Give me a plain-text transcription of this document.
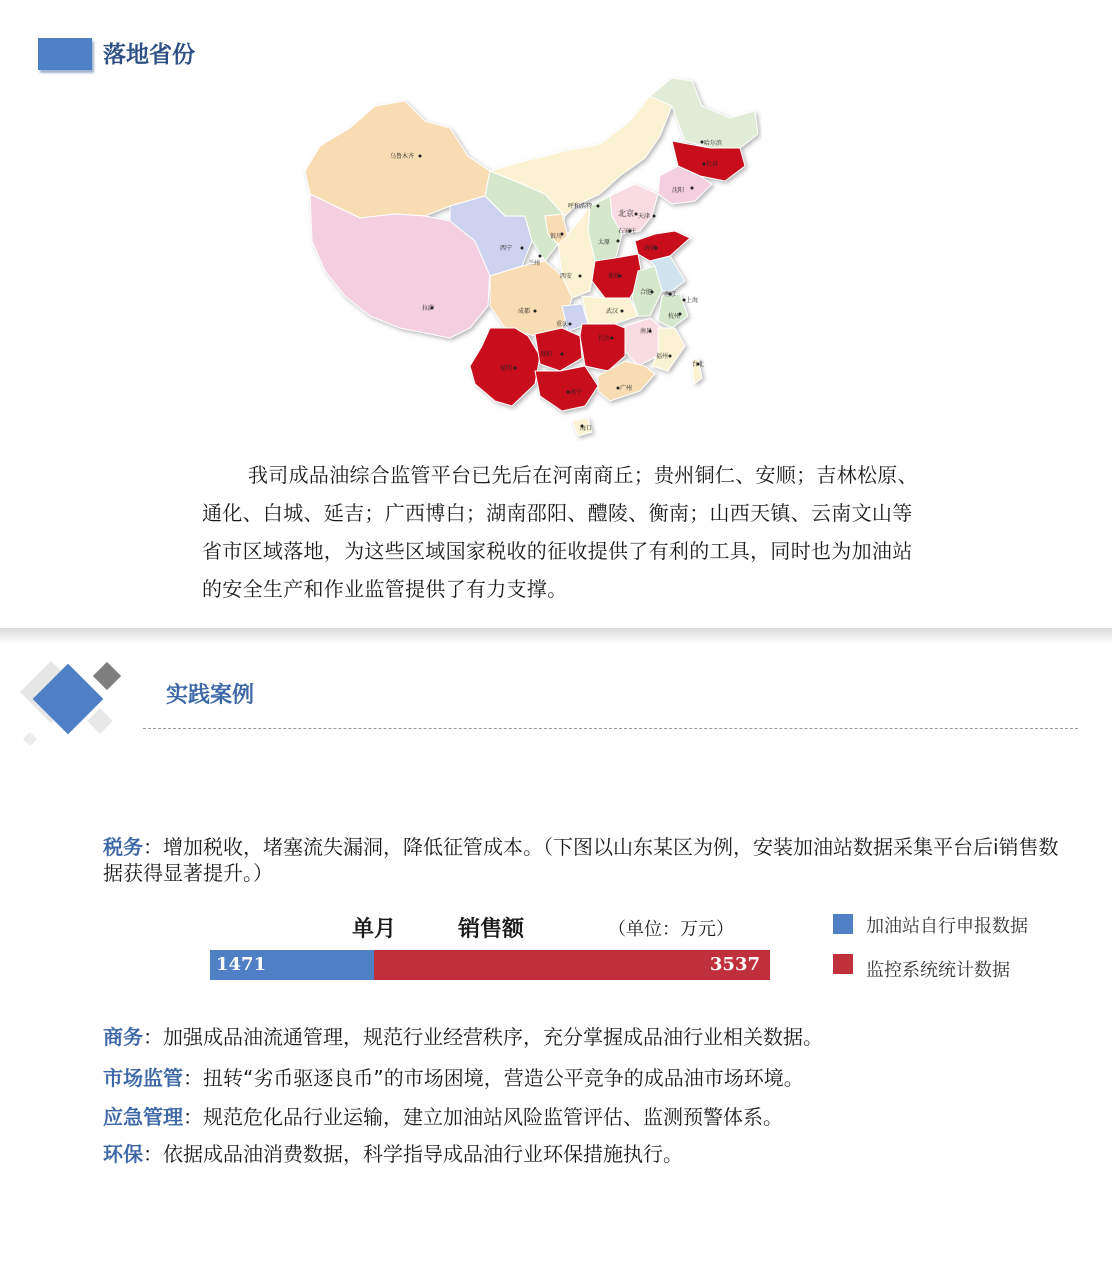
落地省份
乌鲁木齐
哈尔滨
长春
沈阳
呼和浩特
北京 天津
银川
石家庄
西宁
太原
兰州
济南
西安
拉萨
郑州
合肥 南京
上海
成都	武汉
杭州
重庆
长沙
南昌
贵阳	福州
昆明
台北
南宁
广州
海口
我司成品油综合监管平台已先后在河南商丘；贵州铜仁、安顺；吉林松原、通化、白城、延吉；广西博白；湖南邵阳、醴陵、衡南；山西天镇、云南文山等省市区域落地，为这些区域国家税收的征收提供了有利的工具，同时也为加油站的安全生产和作业监管提供了有力支撑。
实践案例
税务：增加税收，堵塞流失漏洞，降低征管成本。（下图以山东某区为例，安装加油站数据采集平台后i销售数据获得显著提升。）
单月	销售额	（单位：万元）
1471	3537
加油站自行申报数据
监控系统统计数据
商务：加强成品油流通管理，规范行业经营秩序，充分掌握成品油行业相关数据。
市场监管：扭转“劣币驱逐良币”的市场困境，营造公平竞争的成品油市场环境。
应急管理：规范危化品行业运输，建立加油站风险监管评估、监测预警体系。
环保：依据成品油消费数据，科学指导成品油行业环保措施执行。
